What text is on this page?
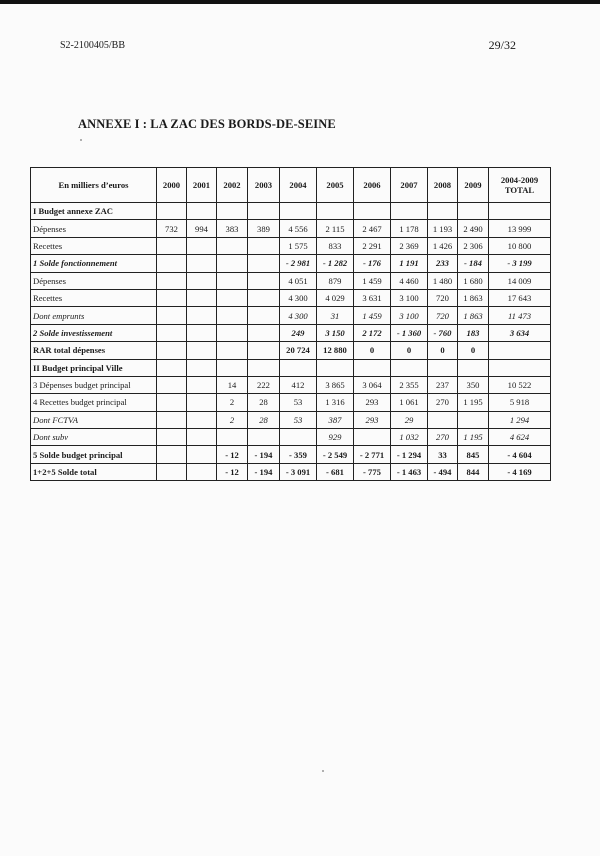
S2-2100405/BB	29/32
ANNEXE I : LA ZAC DES BORDS-DE-SEINE
En milliers d’euros	2000	2001	2002	2003	2004	2005	2006	2007	2008	2009	2004-2009
TOTAL
I Budget annexe ZAC											
Dépenses	732	994	383	389	4 556	2 115	2 467	1 178	1 193	2 490	13 999
Recettes					1 575	833	2 291	2 369	1 426	2 306	10 800
1 Solde fonctionnement					- 2 981	- 1 282	- 176	1 191	233	- 184	- 3 199
Dépenses					4 051	879	1 459	4 460	1 480	1 680	14 009
Recettes					4 300	4 029	3 631	3 100	720	1 863	17 643
Dont emprunts					4 300	31	1 459	3 100	720	1 863	11 473
2 Solde investissement					249	3 150	2 172	- 1 360	- 760	183	3 634
RAR total dépenses					20 724	12 880	0	0	0	0	
II Budget principal Ville											
3 Dépenses budget principal			14	222	412	3 865	3 064	2 355	237	350	10 522
4 Recettes budget principal			2	28	53	1 316	293	1 061	270	1 195	5 918
Dont FCTVA			2	28	53	387	293	29			1 294
Dont subv						929		1 032	270	1 195	4 624
5 Solde budget principal			- 12	- 194	- 359	- 2 549	- 2 771	- 1 294	33	845	- 4 604
1+2+5 Solde total			- 12	- 194	- 3 091	- 681	- 775	- 1 463	- 494	844	- 4 169
